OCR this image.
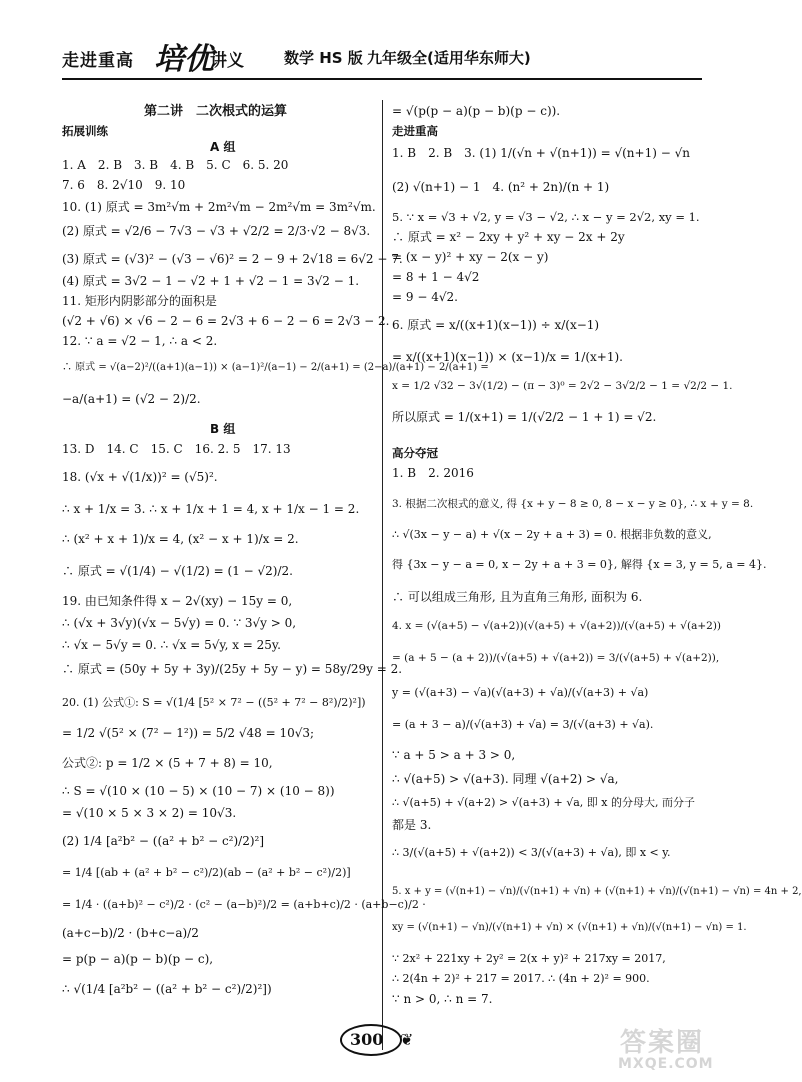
走进重高 培优
讲义	数学 HS 版 九年级全(适用华东师大)
第二讲　二次根式的运算
拓展训练
A 组
1. A　2. B　3. B　4. B　5. C　6. 5. 20
7. 6　8. 2√10　9. 10
10. (1) 原式 = 3m²√m + 2m²√m − 2m²√m = 3m²√m.
(2) 原式 = √2/6 − 7√3 − √3 + √2/2 = 2/3·√2 − 8√3.
(3) 原式 = (√3)² − (√3 − √6)² = 2 − 9 + 2√18 = 6√2 − 7.
(4) 原式 = 3√2 − 1 − √2 + 1 + √2 − 1 = 3√2 − 1.
11. 矩形内阴影部分的面积是
(√2 + √6) × √6 − 2 − 6 = 2√3 + 6 − 2 − 6 = 2√3 − 2.
12. ∵ a = √2 − 1, ∴ a < 2.
∴ 原式 = √(a−2)²/((a+1)(a−1)) × (a−1)²/(a−1) − 2/(a+1) = (2−a)/(a+1) − 2/(a+1) =
−a/(a+1) = (√2 − 2)/2.
B 组
13. D　14. C　15. C　16. 2. 5　17. 13
18. (√x + √(1/x))² = (√5)².
∴ x + 1/x = 3. ∴ x + 1/x + 1 = 4, x + 1/x − 1 = 2.
∴ (x² + x + 1)/x = 4, (x² − x + 1)/x = 2.
∴ 原式 = √(1/4) − √(1/2) = (1 − √2)/2.
19. 由已知条件得 x − 2√(xy) − 15y = 0,
∴ (√x + 3√y)(√x − 5√y) = 0. ∵ 3√y > 0,
∴ √x − 5√y = 0. ∴ √x = 5√y, x = 25y.
∴ 原式 = (50y + 5y + 3y)/(25y + 5y − y) = 58y/29y = 2.
20. (1) 公式①: S = √(1/4 [5² × 7² − ((5² + 7² − 8²)/2)²])
= 1/2 √(5² × (7² − 1²)) = 5/2 √48 = 10√3;
公式②: p = 1/2 × (5 + 7 + 8) = 10,
∴ S = √(10 × (10 − 5) × (10 − 7) × (10 − 8))
= √(10 × 5 × 3 × 2) = 10√3.
(2) 1/4 [a²b² − ((a² + b² − c²)/2)²]
= 1/4 [(ab + (a² + b² − c²)/2)(ab − (a² + b² − c²)/2)]
= 1/4 · ((a+b)² − c²)/2 · (c² − (a−b)²)/2 = (a+b+c)/2 · (a+b−c)/2 ·
(a+c−b)/2 · (b+c−a)/2
= p(p − a)(p − b)(p − c),
∴ √(1/4 [a²b² − ((a² + b² − c²)/2)²])
= √(p(p − a)(p − b)(p − c)).
走进重高
1. B　2. B　3. (1) 1/(√n + √(n+1)) = √(n+1) − √n
(2) √(n+1) − 1　4. (n² + 2n)/(n + 1)
5. ∵ x = √3 + √2, y = √3 − √2, ∴ x − y = 2√2, xy = 1.
∴ 原式 = x² − 2xy + y² + xy − 2x + 2y
= (x − y)² + xy − 2(x − y)
= 8 + 1 − 4√2
= 9 − 4√2.
6. 原式 = x/((x+1)(x−1)) ÷ x/(x−1)
= x/((x+1)(x−1)) × (x−1)/x = 1/(x+1).
x = 1/2 √32 − 3√(1/2) − (π − 3)⁰ = 2√2 − 3√2/2 − 1 = √2/2 − 1.
所以原式 = 1/(x+1) = 1/(√2/2 − 1 + 1) = √2.
高分夺冠
1. B　2. 2016
3. 根据二次根式的意义, 得 {x + y − 8 ≥ 0, 8 − x − y ≥ 0}, ∴ x + y = 8.
∴ √(3x − y − a) + √(x − 2y + a + 3) = 0. 根据非负数的意义,
得 {3x − y − a = 0, x − 2y + a + 3 = 0}, 解得 {x = 3, y = 5, a = 4}.
∴ 可以组成三角形, 且为直角三角形, 面积为 6.
4. x = (√(a+5) − √(a+2))(√(a+5) + √(a+2))/(√(a+5) + √(a+2))
= (a + 5 − (a + 2))/(√(a+5) + √(a+2)) = 3/(√(a+5) + √(a+2)),
y = (√(a+3) − √a)(√(a+3) + √a)/(√(a+3) + √a)
= (a + 3 − a)/(√(a+3) + √a) = 3/(√(a+3) + √a).
∵ a + 5 > a + 3 > 0,
∴ √(a+5) > √(a+3). 同理 √(a+2) > √a,
∴ √(a+5) + √(a+2) > √(a+3) + √a, 即 x 的分母大, 而分子
都是 3.
∴ 3/(√(a+5) + √(a+2)) < 3/(√(a+3) + √a), 即 x < y.
5. x + y = (√(n+1) − √n)/(√(n+1) + √n) + (√(n+1) + √n)/(√(n+1) − √n) = 4n + 2,
xy = (√(n+1) − √n)/(√(n+1) + √n) × (√(n+1) + √n)/(√(n+1) − √n) = 1.
∵ 2x² + 221xy + 2y² = 2(x + y)² + 217xy = 2017,
∴ 2(4n + 2)² + 217 = 2017. ∴ (4n + 2)² = 900.
∵ n > 0, ∴ n = 7.
300 ❦	答案圈
MXQE.COM
